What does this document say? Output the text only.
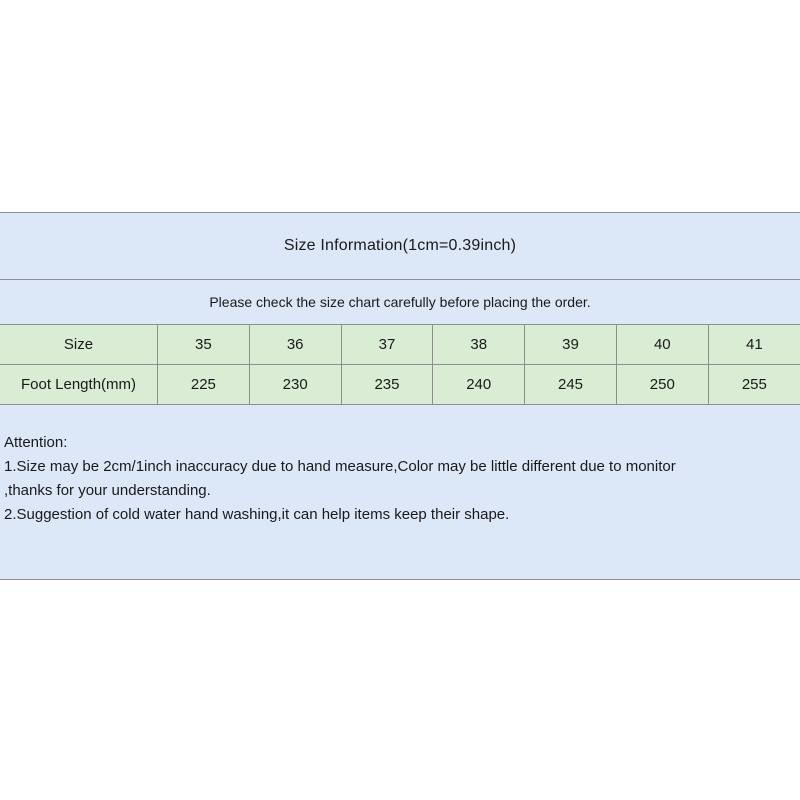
Size Information(1cm=0.39inch)
Please check the size chart carefully before placing the order.
Size	35	36	37	38	39	40	41
Foot Length(mm)	225	230	235	240	245	250	255
Attention:
1.Size may be 2cm/1inch inaccuracy due to hand measure,Color may be little different due to monitor
,thanks for your understanding.
2.Suggestion of cold water hand washing,it can help items keep their shape.
